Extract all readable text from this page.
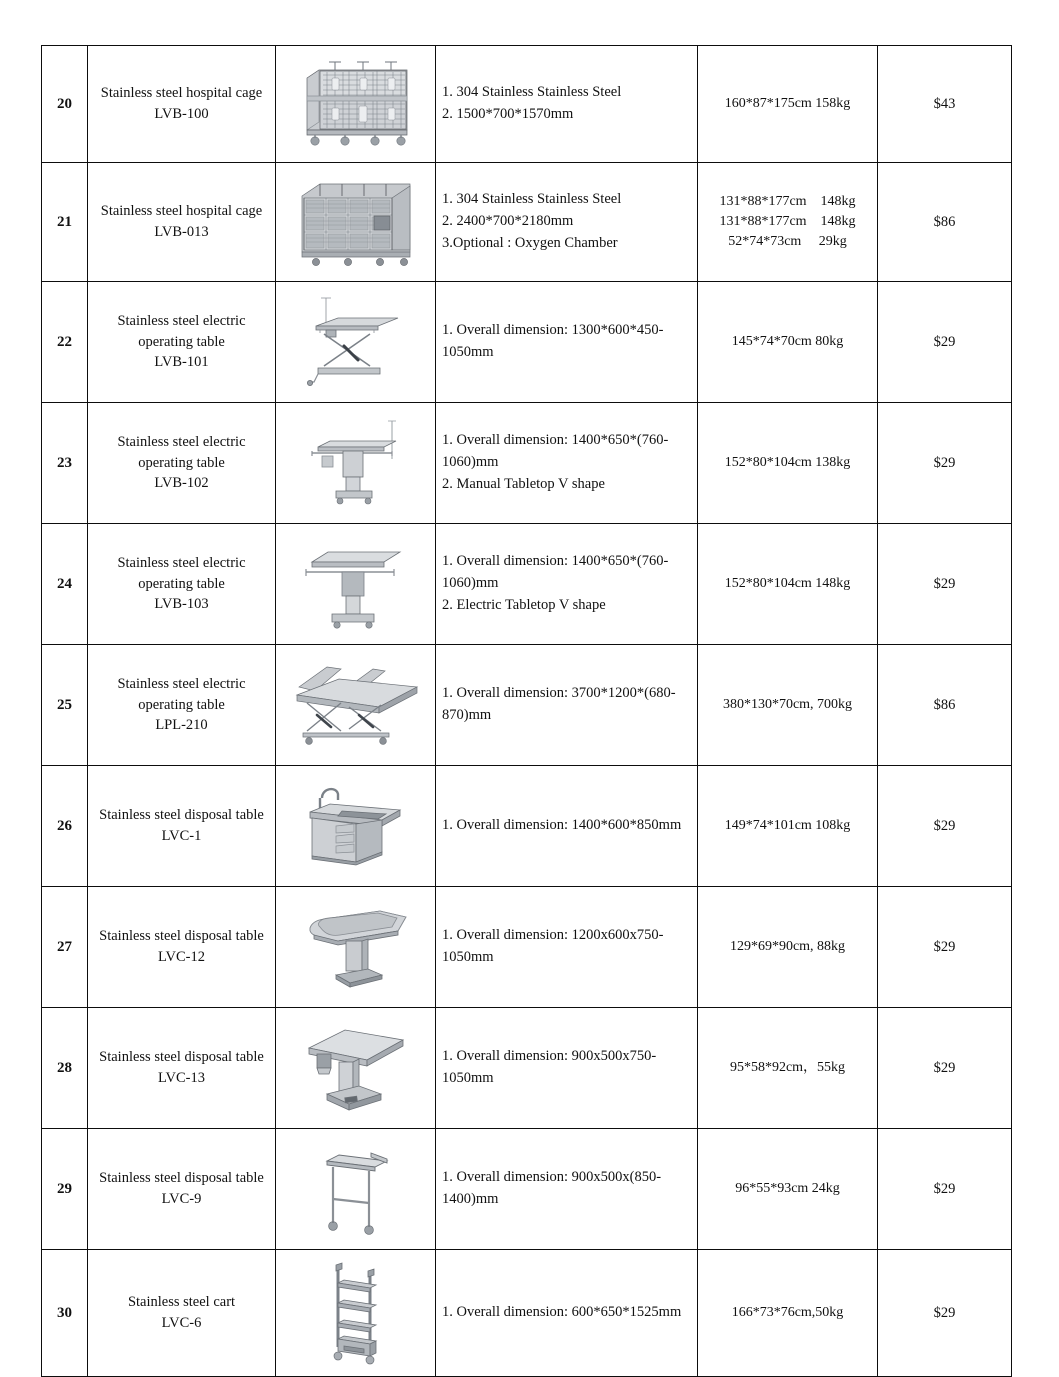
20	Stainless steel hospital cage
LVB-100		1. 304 Stainless Stainless Steel
2. 1500*700*1570mm	160*87*175cm 158kg	$43
21	Stainless steel hospital cage
LVB-013		1. 304 Stainless Stainless Steel
2. 2400*700*2180mm
3.Optional : Oxygen Chamber	131*88*177cm    148kg
131*88*177cm    148kg
52*74*73cm     29kg	$86
22	Stainless steel electric operating table
LVB-101		1. Overall dimension: 1300*600*450-1050mm	145*74*70cm 80kg	$29
23	Stainless steel electric operating table
LVB-102		1. Overall dimension: 1400*650*(760-1060)mm
2. Manual Tabletop V shape	152*80*104cm 138kg	$29
24	Stainless steel electric operating table
LVB-103		1. Overall dimension: 1400*650*(760-1060)mm
2. Electric Tabletop V shape	152*80*104cm 148kg	$29
25	Stainless steel electric operating table
LPL-210		1. Overall dimension: 3700*1200*(680-870)mm	380*130*70cm, 700kg	$86
26	Stainless steel disposal table
LVC-1		1. Overall dimension: 1400*600*850mm	149*74*101cm 108kg	$29
27	Stainless steel disposal table
LVC-12		1. Overall dimension: 1200x600x750-1050mm	129*69*90cm, 88kg	$29
28	Stainless steel disposal table
LVC-13		1. Overall dimension: 900x500x750-1050mm	95*58*92cm，55kg	$29
29	Stainless steel disposal table
LVC-9		1. Overall dimension: 900x500x(850-1400)mm	96*55*93cm 24kg	$29
30	Stainless steel cart
LVC-6		1. Overall dimension: 600*650*1525mm	166*73*76cm,50kg	$29
